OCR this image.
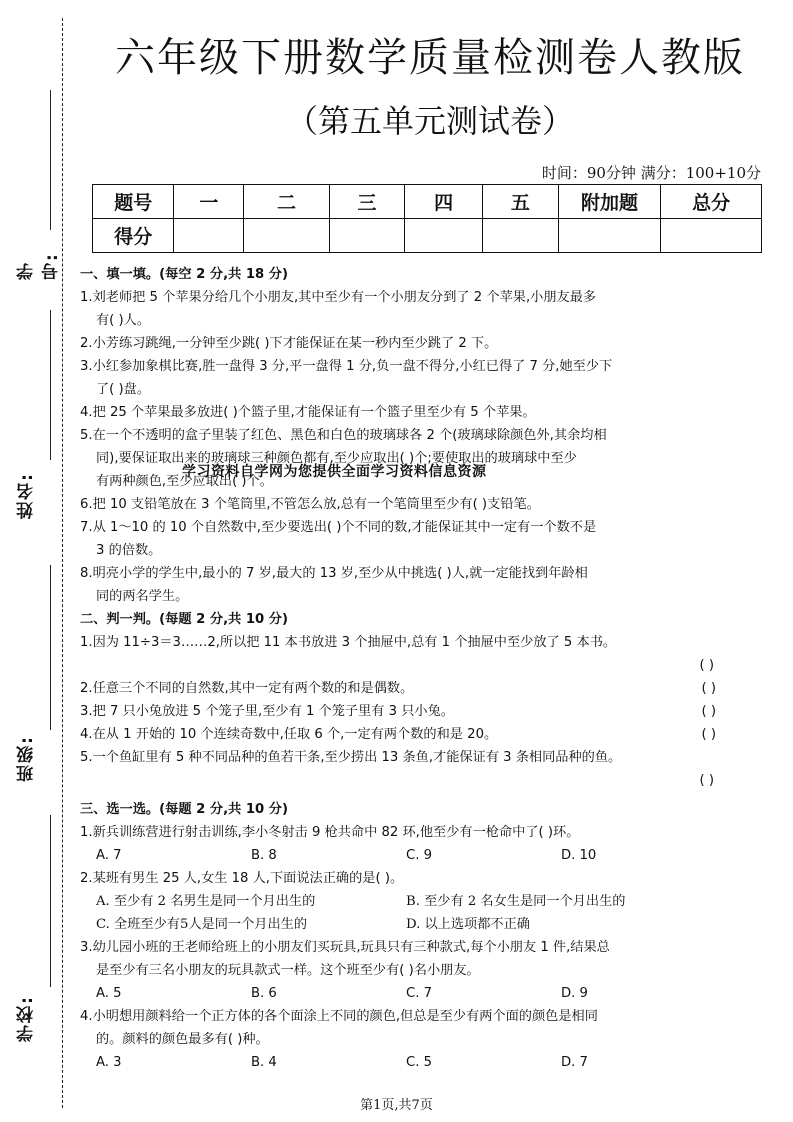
学号:
姓名:
班级:
学校:
六年级下册数学质量检测卷人教版
（第五单元测试卷）
时间：90分钟 满分：100+10分
题号	一	二	三	四	五	附加题	总分
得分							
一、填一填。(每空 2 分,共 18 分)
1.刘老师把 5 个苹果分给几个小朋友,其中至少有一个小朋友分到了 2 个苹果,小朋友最多
有( )人。
2.小芳练习跳绳,一分钟至少跳( )下才能保证在某一秒内至少跳了 2 下。
3.小红参加象棋比赛,胜一盘得 3 分,平一盘得 1 分,负一盘不得分,小红已得了 7 分,她至少下
了( )盘。
4.把 25 个苹果最多放进( )个篮子里,才能保证有一个篮子里至少有 5 个苹果。
5.在一个不透明的盒子里装了红色、黑色和白色的玻璃球各 2 个(玻璃球除颜色外,其余均相
同),要保证取出来的玻璃球三种颜色都有,至少应取出( )个;要使取出的玻璃球中至少
有两种颜色,至少应取出( )个。
6.把 10 支铅笔放在 3 个笔筒里,不管怎么放,总有一个笔筒里至少有( )支铅笔。
7.从 1～10 的 10 个自然数中,至少要选出( )个不同的数,才能保证其中一定有一个数不是
3 的倍数。
8.明亮小学的学生中,最小的 7 岁,最大的 13 岁,至少从中挑选( )人,就一定能找到年龄相
同的两名学生。
二、判一判。(每题 2 分,共 10 分)
1.因为 11÷3＝3……2,所以把 11 本书放进 3 个抽屉中,总有 1 个抽屉中至少放了 5 本书。
( )
2.任意三个不同的自然数,其中一定有两个数的和是偶数。	( )
3.把 7 只小兔放进 5 个笼子里,至少有 1 个笼子里有 3 只小兔。	( )
4.在从 1 开始的 10 个连续奇数中,任取 6 个,一定有两个数的和是 20。	( )
5.一个鱼缸里有 5 种不同品种的鱼若干条,至少捞出 13 条鱼,才能保证有 3 条相同品种的鱼。
( )
三、选一选。(每题 2 分,共 10 分)
1.新兵训练营进行射击训练,李小冬射击 9 枪共命中 82 环,他至少有一枪命中了( )环。
A. 7	B. 8	C. 9	D. 10
2.某班有男生 25 人,女生 18 人,下面说法正确的是( )。
A. 至少有 2 名男生是同一个月出生的	B. 至少有 2 名女生是同一个月出生的
C. 全班至少有5人是同一个月出生的	D. 以上选项都不正确
3.幼儿园小班的王老师给班上的小朋友们买玩具,玩具只有三种款式,每个小朋友 1 件,结果总
是至少有三名小朋友的玩具款式一样。这个班至少有( )名小朋友。
A. 5	B. 6	C. 7	D. 9
4.小明想用颜料给一个正方体的各个面涂上不同的颜色,但总是至少有两个面的颜色是相同
的。颜料的颜色最多有( )种。
A. 3	B. 4	C. 5	D. 7
学习资料自学网为您提供全面学习资料信息资源
第1页,共7页
